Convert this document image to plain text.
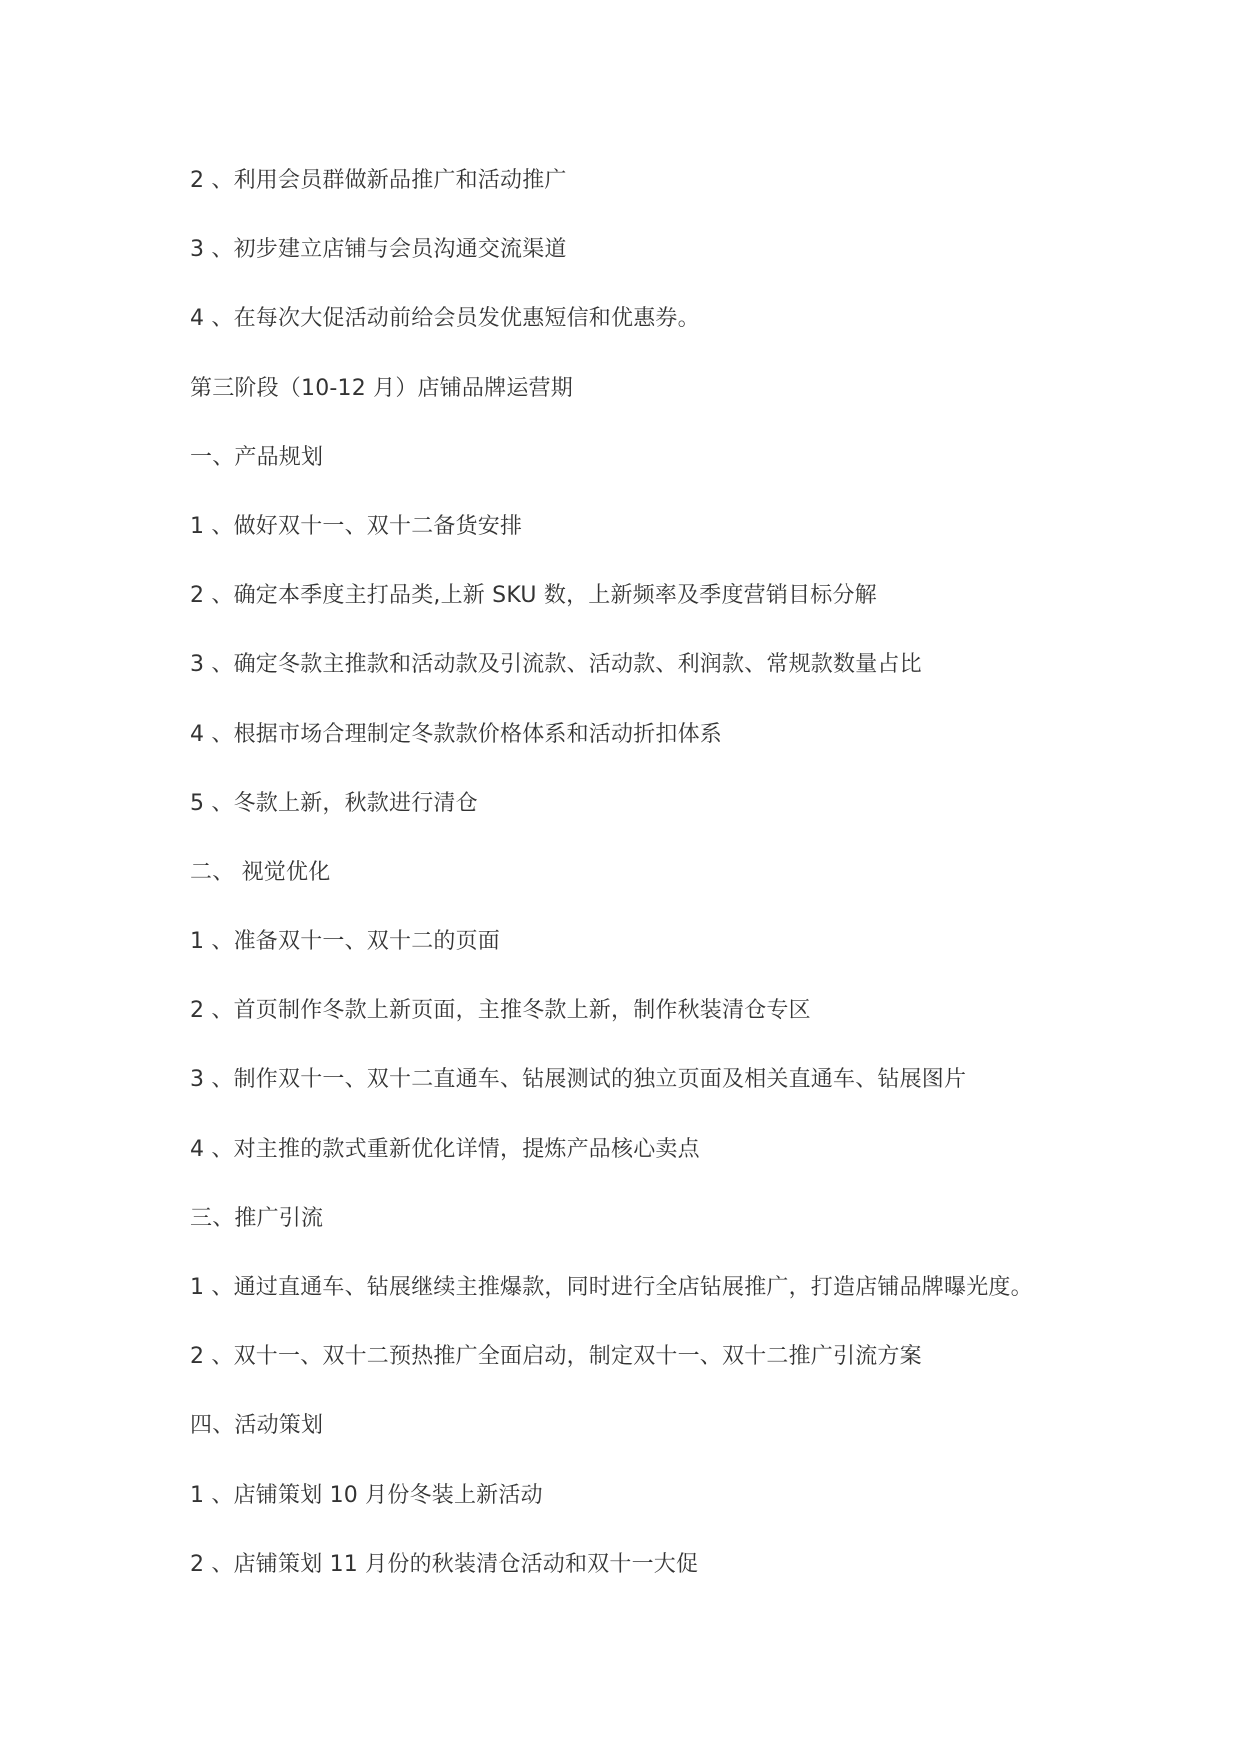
2 、利用会员群做新品推广和活动推广
3 、初步建立店铺与会员沟通交流渠道
4 、在每次大促活动前给会员发优惠短信和优惠券。
第三阶段（10-12 月）店铺品牌运营期
一、产品规划
1 、做好双十一、双十二备货安排
2 、确定本季度主打品类,上新 SKU 数，上新频率及季度营销目标分解
3 、确定冬款主推款和活动款及引流款、活动款、利润款、常规款数量占比
4 、根据市场合理制定冬款款价格体系和活动折扣体系
5 、冬款上新，秋款进行清仓
二、 视觉优化
1 、准备双十一、双十二的页面
2 、首页制作冬款上新页面，主推冬款上新，制作秋装清仓专区
3 、制作双十一、双十二直通车、钻展测试的独立页面及相关直通车、钻展图片
4 、对主推的款式重新优化详情，提炼产品核心卖点
三、推广引流
1 、通过直通车、钻展继续主推爆款，同时进行全店钻展推广，打造店铺品牌曝光度。
2 、双十一、双十二预热推广全面启动，制定双十一、双十二推广引流方案
四、活动策划
1 、店铺策划 10 月份冬装上新活动
2 、店铺策划 11 月份的秋装清仓活动和双十一大促
